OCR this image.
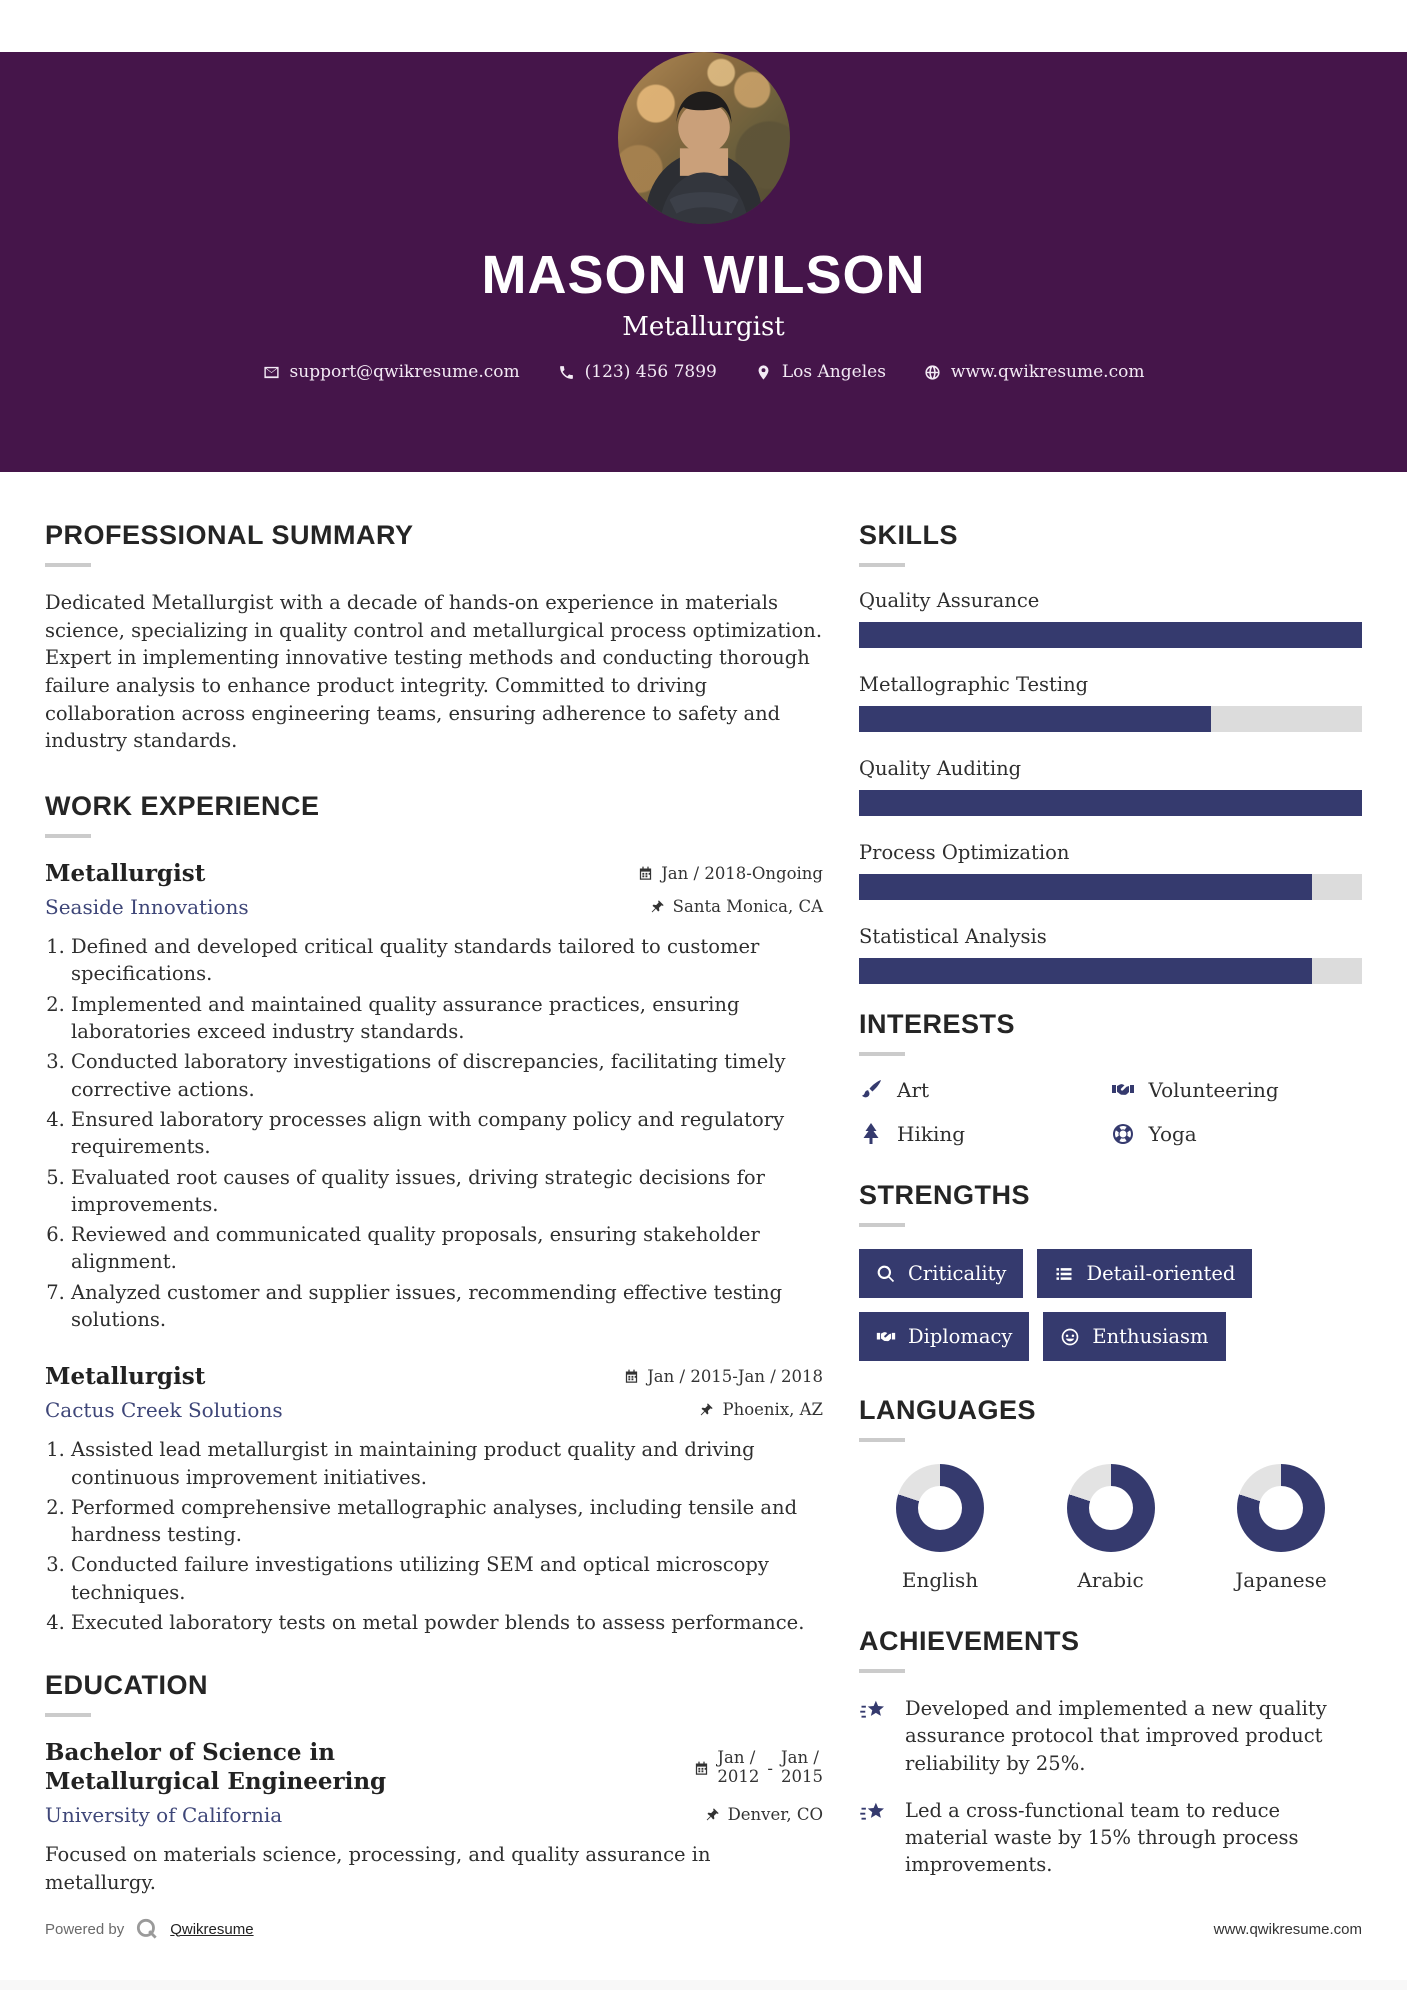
MASON WILSON
Metallurgist
support@qwikresume.com	(123) 456 7899	Los Angeles	www.qwikresume.com
PROFESSIONAL SUMMARY

Dedicated Metallurgist with a decade of hands-on experience in materials science, specializing in quality control and metallurgical process optimization. Expert in implementing innovative testing methods and conducting thorough failure analysis to enhance product integrity. Committed to driving collaboration across engineering teams, ensuring adherence to safety and industry standards.

WORK EXPERIENCE
Metallurgist	Jan / 2018-Ongoing
Seaside Innovations	Santa Monica, CA
1. Defined and developed critical quality standards tailored to customer specifications.
2. Implemented and maintained quality assurance practices, ensuring laboratories exceed industry standards.
3. Conducted laboratory investigations of discrepancies, facilitating timely corrective actions.
4. Ensured laboratory processes align with company policy and regulatory requirements.
5. Evaluated root causes of quality issues, driving strategic decisions for improvements.
6. Reviewed and communicated quality proposals, ensuring stakeholder alignment.
7. Analyzed customer and supplier issues, recommending effective testing solutions.
Metallurgist	Jan / 2015-Jan / 2018
Cactus Creek Solutions	Phoenix, AZ
1. Assisted lead metallurgist in maintaining product quality and driving continuous improvement initiatives.
2. Performed comprehensive metallographic analyses, including tensile and hardness testing.
3. Conducted failure investigations utilizing SEM and optical microscopy techniques.
4. Executed laboratory tests on metal powder blends to assess performance.
EDUCATION
Bachelor of Science in Metallurgical Engineering
Jan /
2012 -
Jan /
2015
University of California	Denver, CO

Focused on materials science, processing, and quality assurance in metallurgy.

SKILLS
Quality Assurance
Metallographic Testing
Quality Auditing
Process Optimization
Statistical Analysis
INTERESTS
Art	Volunteering
Hiking	Yoga
STRENGTHS
Criticality	Detail-oriented
Diplomacy	Enthusiasm
LANGUAGES
English	Arabic	Japanese
ACHIEVEMENTS
Developed and implemented a new quality assurance protocol that improved product reliability by 25%.
Led a cross-functional team to reduce material waste by 15% through process improvements.
Powered by	Qwikresume	www.qwikresume.com
